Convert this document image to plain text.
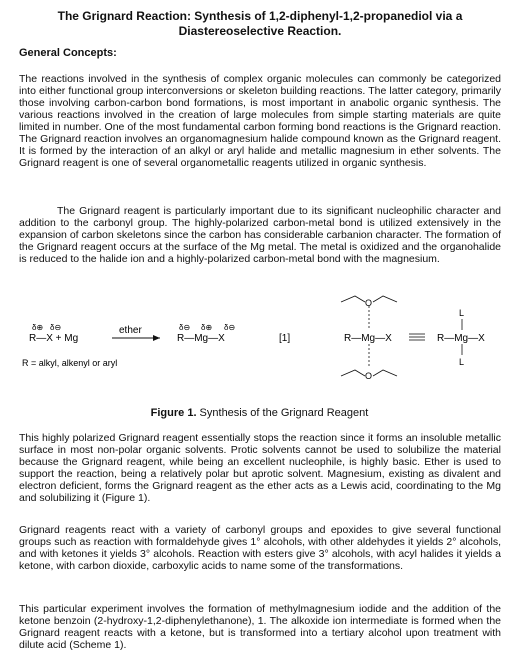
The Grignard Reaction: Synthesis of 1,2-diphenyl-1,2-propanediol via a
Diastereoselective Reaction.
General Concepts:

The reactions involved in the synthesis of complex organic molecules can commonly be categorized into either functional group interconversions or skeleton building reactions. The latter category, primarily those involving carbon-carbon bond formations, is most important in anabolic organic synthesis. The various reactions involved in the creation of large molecules from simple starting materials are quite limited in number. One of the most fundamental carbon forming bond reactions is the Grignard reaction. The Grignard reaction involves an organomagnesium halide compound known as the Grignard reagent. It is formed by the interaction of an alkyl or aryl halide and metallic magnesium in ether solvents. The Grignard reagent is one of several organometallic reagents utilized in organic synthesis.

The Grignard reagent is particularly important due to its significant nucleophilic character and addition to the carbonyl group. The highly-polarized carbon-metal bond is utilized extensively in the expansion of carbon skeletons since the carbon has considerable carbanion character. The formation of the Grignard reagent occurs at the surface of the Mg metal. The metal is oxidized and the organohalide is reduced to the halide ion and a highly-polarized carbon-metal bond with the magnesium.

δ⊕ δ⊖
R—X + Mg
ether	δ⊖ δ⊕ δ⊖
R—Mg—X	[1]	R—Mg—X
O
O
R—Mg—X
L
L
R = alkyl, alkenyl or aryl
Figure 1. Synthesis of the Grignard Reagent

This highly polarized Grignard reagent essentially stops the reaction since it forms an insoluble metallic surface in most non-polar organic solvents. Protic solvents cannot be used to solubilize the material because the Grignard reagent, while being an excellent nucleophile, is highly basic. Ether is used to support the reaction, being a relatively polar but aprotic solvent. Magnesium, existing as divalent and electron deficient, forms the Grignard reagent as the ether acts as a Lewis acid, coordinating to the Mg and solubilizing it (Figure 1).

Grignard reagents react with a variety of carbonyl groups and epoxides to give several functional groups such as reaction with formaldehyde gives 1° alcohols, with other aldehydes it yields 2° alcohols, and with ketones it yields 3° alcohols. Reaction with esters give 3° alcohols, with acyl halides it yields a ketone, with carbon dioxide, carboxylic acids to name some of the transformations.

This particular experiment involves the formation of methylmagnesium iodide and the addition of the ketone benzoin (2-hydroxy-1,2-diphenylethanone), 1. The alkoxide ion intermediate is formed when the Grignard reagent reacts with a ketone, but is transformed into a tertiary alcohol upon treatment with dilute acid (Scheme 1).
